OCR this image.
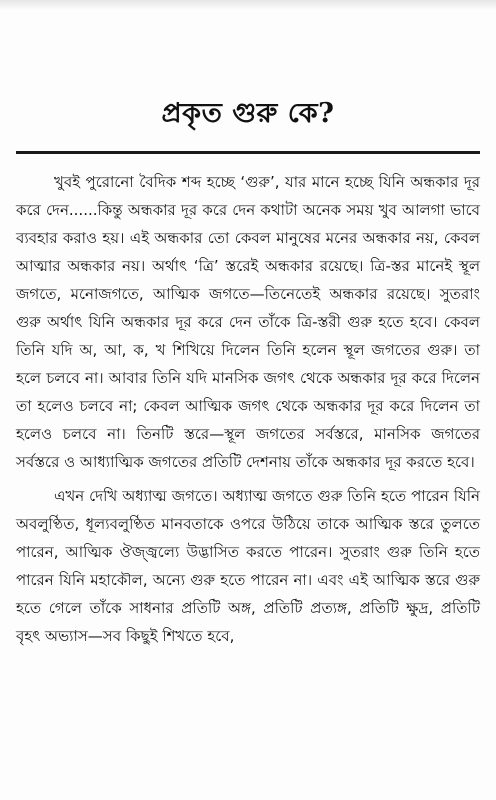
প্রকৃত গুরু কে?

খুবই পুরোনো বৈদিক শব্দ হচ্ছে ‘গুরু’, যার মানে হচ্ছে যিনি অন্ধকার দূর করে দেন......কিন্তু অন্ধকার দূর করে দেন কথাটা অনেক সময় খুব আলগা ভাবে ব্যবহার করাও হয়। এই অন্ধকার তো কেবল মানুষের মনের অন্ধকার নয়, কেবল আত্মার অন্ধকার নয়। অর্থাৎ ‘ত্রি’ স্তরেই অন্ধকার রয়েছে। ত্রি-স্তর মানেই স্থূল জগতে, মনোজগতে, আত্মিক জগতে—তিনেতেই অন্ধকার রয়েছে। সুতরাং গুরু অর্থাৎ যিনি অন্ধকার দূর করে দেন তাঁকে ত্রি-স্তরী গুরু হতে হবে। কেবল তিনি যদি অ, আ, ক, খ শিখিয়ে দিলেন তিনি হলেন স্থূল জগতের গুরু। তা হলে চলবে না। আবার তিনি যদি মানসিক জগৎ থেকে অন্ধকার দূর করে দিলেন তা হলেও চলবে না; কেবল আত্মিক জগৎ থেকে অন্ধকার দূর করে দিলেন তা হলেও চলবে না। তিনটি স্তরে—স্থূল জগতের সর্বস্তরে, মানসিক জগতের সর্বস্তরে ও আধ্যাত্মিক জগতের প্রতিটি দেশনায় তাঁকে অন্ধকার দূর করতে হবে।

এখন দেখি অধ্যাত্ম জগতে। অধ্যাত্ম জগতে গুরু তিনি হতে পারেন যিনি অবলুণ্ঠিত, ধূল্যবলুণ্ঠিত মানবতাকে ওপরে উঠিয়ে তাকে আত্মিক স্তরে তুলতে পারেন, আত্মিক ঔজ্জ্বল্যে উদ্ভাসিত করতে পারেন। সুতরাং গুরু তিনি হতে পারেন যিনি মহাকৌল, অন্যে গুরু হতে পারেন না। এবং এই আত্মিক স্তরে গুরু হতে গেলে তাঁকে সাধনার প্রতিটি অঙ্গ, প্রতিটি প্রত্যঙ্গ, প্রতিটি ক্ষুদ্র, প্রতিটি বৃহৎ অভ্যাস—সব কিছুই শিখতে হবে,
